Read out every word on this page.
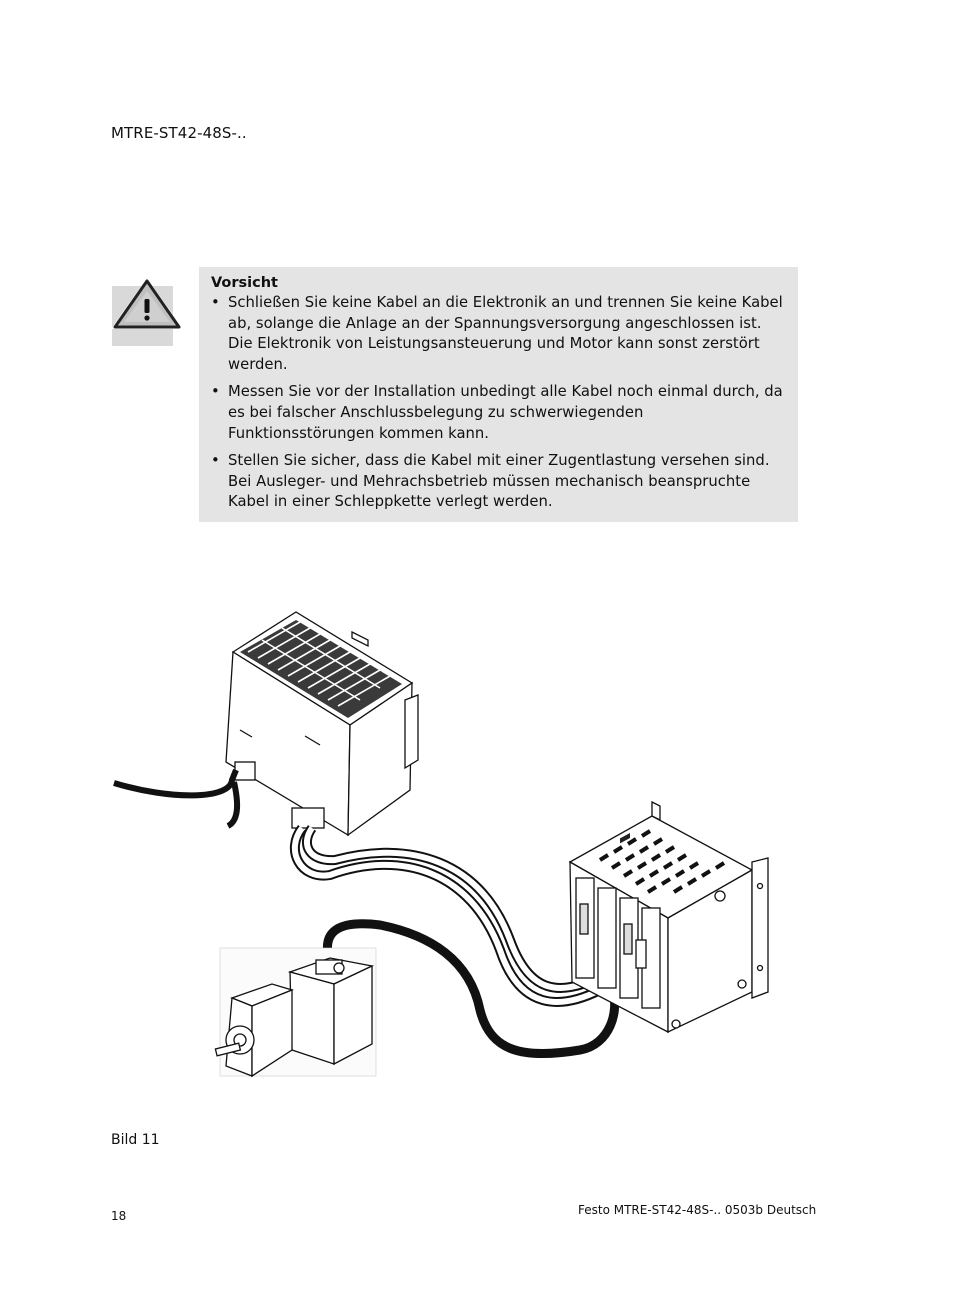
MTRE-ST42-48S-..
Vorsicht
• Schließen Sie keine Kabel an die Elektronik an und trennen Sie keine Kabel ab, solange die Anlage an der Spannungsversorgung angeschlossen ist. Die Elektronik von Leistungsansteuerung und Motor kann sonst zerstört werden.
• Messen Sie vor der Installation unbedingt alle Kabel noch einmal durch, da es bei falscher Anschlussbelegung zu schwerwiegenden Funktionsstörungen kommen kann.
• Stellen Sie sicher, dass die Kabel mit einer Zugentlastung versehen sind. Bei Ausleger- und Mehrachsbetrieb müssen mechanisch beanspruchte Kabel in einer Schleppkette verlegt werden.
Bild 11
18	Festo MTRE-ST42-48S-.. 0503b Deutsch
